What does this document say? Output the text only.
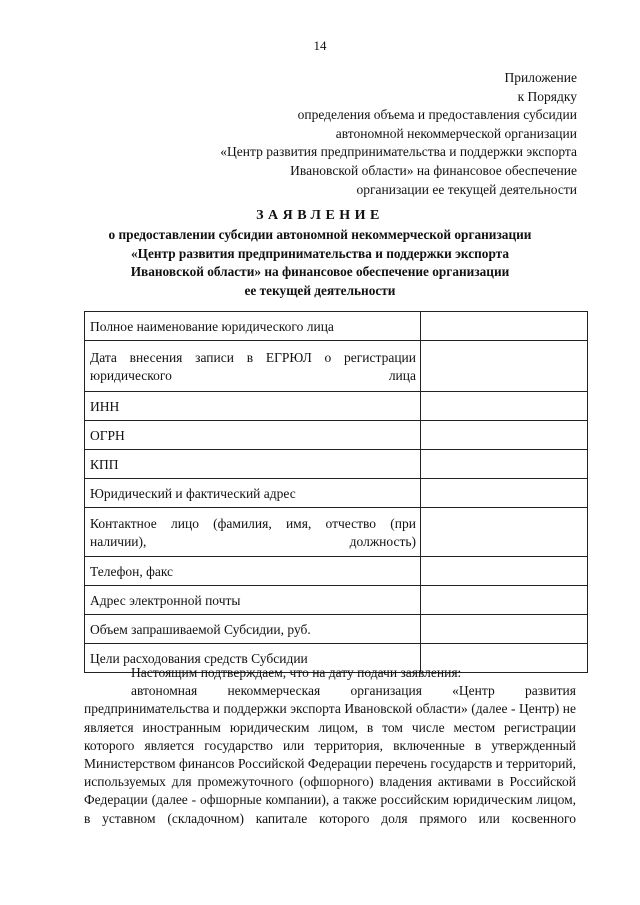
14
Приложение
к Порядку
определения объема и предоставления субсидии
автономной некоммерческой организации
«Центр развития предпринимательства и поддержки экспорта
Ивановской области» на финансовое обеспечение
организации ее текущей деятельности
ЗАЯВЛЕНИЕ
о предоставлении субсидии автономной некоммерческой организации
«Центр развития предпринимательства и поддержки экспорта
Ивановской области» на финансовое обеспечение организации
ее текущей деятельности
Полное наименование юридического лица	
Дата внесения записи в ЕГРЮЛ о регистрации юридического лица	
ИНН	
ОГРН	
КПП	
Юридический и фактический адрес	
Контактное лицо (фамилия, имя, отчество (при наличии), должность)	
Телефон, факс	
Адрес электронной почты	
Объем запрашиваемой Субсидии, руб.	
Цели расходования средств Субсидии	

Настоящим подтверждаем, что на дату подачи заявления:

автономная некоммерческая организация «Центр развития предпринимательства и поддержки экспорта Ивановской области» (далее - Центр) не является иностранным юридическим лицом, в том числе местом регистрации которого является государство или территория, включенные в утвержденный Министерством финансов Российской Федерации перечень государств и территорий, используемых для промежуточного (офшорного) владения активами в Российской Федерации (далее - офшорные компании), а также российским юридическим лицом, в уставном (складочном) капитале которого доля прямого или косвенного
